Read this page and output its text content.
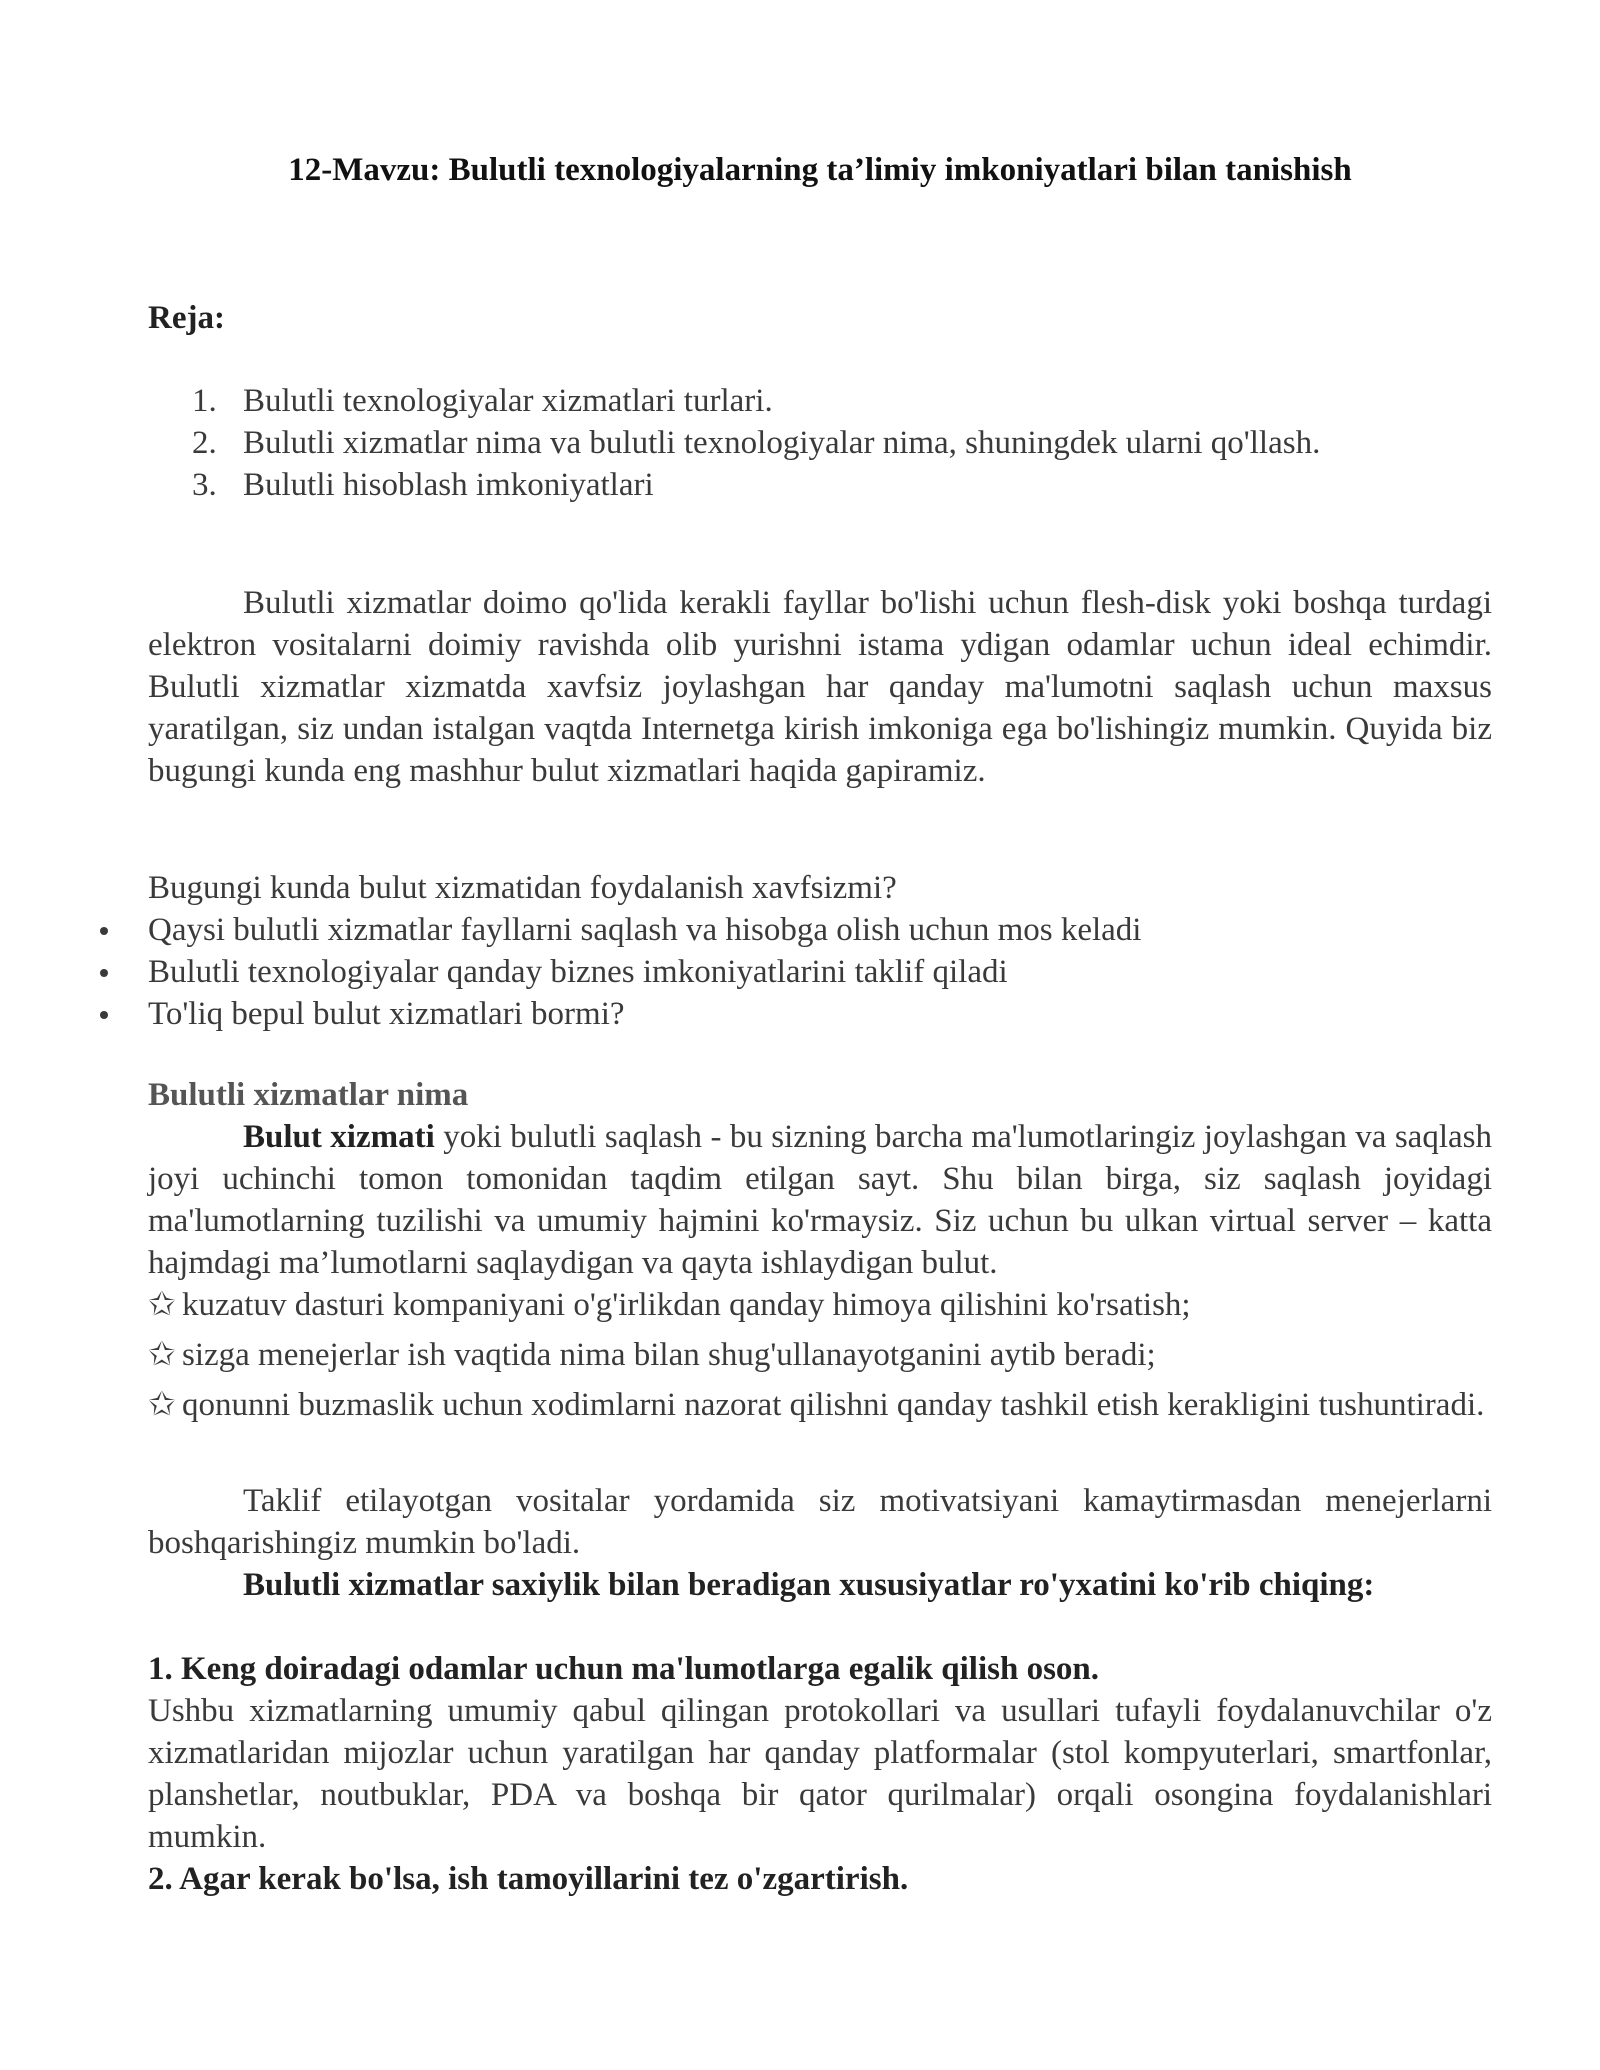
12-Mavzu: Bulutli texnologiyalarning ta’limiy imkoniyatlari bilan tanishish
Reja:
1. Bulutli texnologiyalar xizmatlari turlari.
2. Bulutli xizmatlar nima va bulutli texnologiyalar nima, shuningdek ularni qo'llash.
3. Bulutli hisoblash imkoniyatlari
Bulutli xizmatlar doimo qo'lida kerakli fayllar bo'lishi uchun flesh-disk yoki boshqa turdagi elektron vositalarni doimiy ravishda olib yurishni istama ydigan odamlar uchun ideal echimdir. Bulutli xizmatlar xizmatda xavfsiz joylashgan har qanday ma'lumotni saqlash uchun maxsus yaratilgan, siz undan istalgan vaqtda Internetga kirish imkoniga ega bo'lishingiz mumkin. Quyida biz bugungi kunda eng mashhur bulut xizmatlari haqida gapiramiz.
Bugungi kunda bulut xizmatidan foydalanish xavfsizmi?
Qaysi bulutli xizmatlar fayllarni saqlash va hisobga olish uchun mos keladi
Bulutli texnologiyalar qanday biznes imkoniyatlarini taklif qiladi
To'liq bepul bulut xizmatlari bormi?
Bulutli xizmatlar nima
Bulut xizmati yoki bulutli saqlash - bu sizning barcha ma'lumotlaringiz joylashgan va saqlash joyi uchinchi tomon tomonidan taqdim etilgan sayt. Shu bilan birga, siz saqlash joyidagi ma'lumotlarning tuzilishi va umumiy hajmini ko'rmaysiz. Siz uchun bu ulkan virtual server – katta hajmdagi ma’lumotlarni saqlaydigan va qayta ishlaydigan bulut.
✩ kuzatuv dasturi kompaniyani o'g'irlikdan qanday himoya qilishini ko'rsatish;
✩ sizga menejerlar ish vaqtida nima bilan shug'ullanayotganini aytib beradi;
✩ qonunni buzmaslik uchun xodimlarni nazorat qilishni qanday tashkil etish kerakligini tushuntiradi.
Taklif etilayotgan vositalar yordamida siz motivatsiyani kamaytirmasdan menejerlarni boshqarishingiz mumkin bo'ladi.
Bulutli xizmatlar saxiylik bilan beradigan xususiyatlar ro'yxatini ko'rib chiqing:
1. Keng doiradagi odamlar uchun ma'lumotlarga egalik qilish oson.
Ushbu xizmatlarning umumiy qabul qilingan protokollari va usullari tufayli foydalanuvchilar o'z xizmatlaridan mijozlar uchun yaratilgan har qanday platformalar (stol kompyuterlari, smartfonlar, planshetlar, noutbuklar, PDA va boshqa bir qator qurilmalar) orqali osongina foydalanishlari mumkin.
2. Agar kerak bo'lsa, ish tamoyillarini tez o'zgartirish.
